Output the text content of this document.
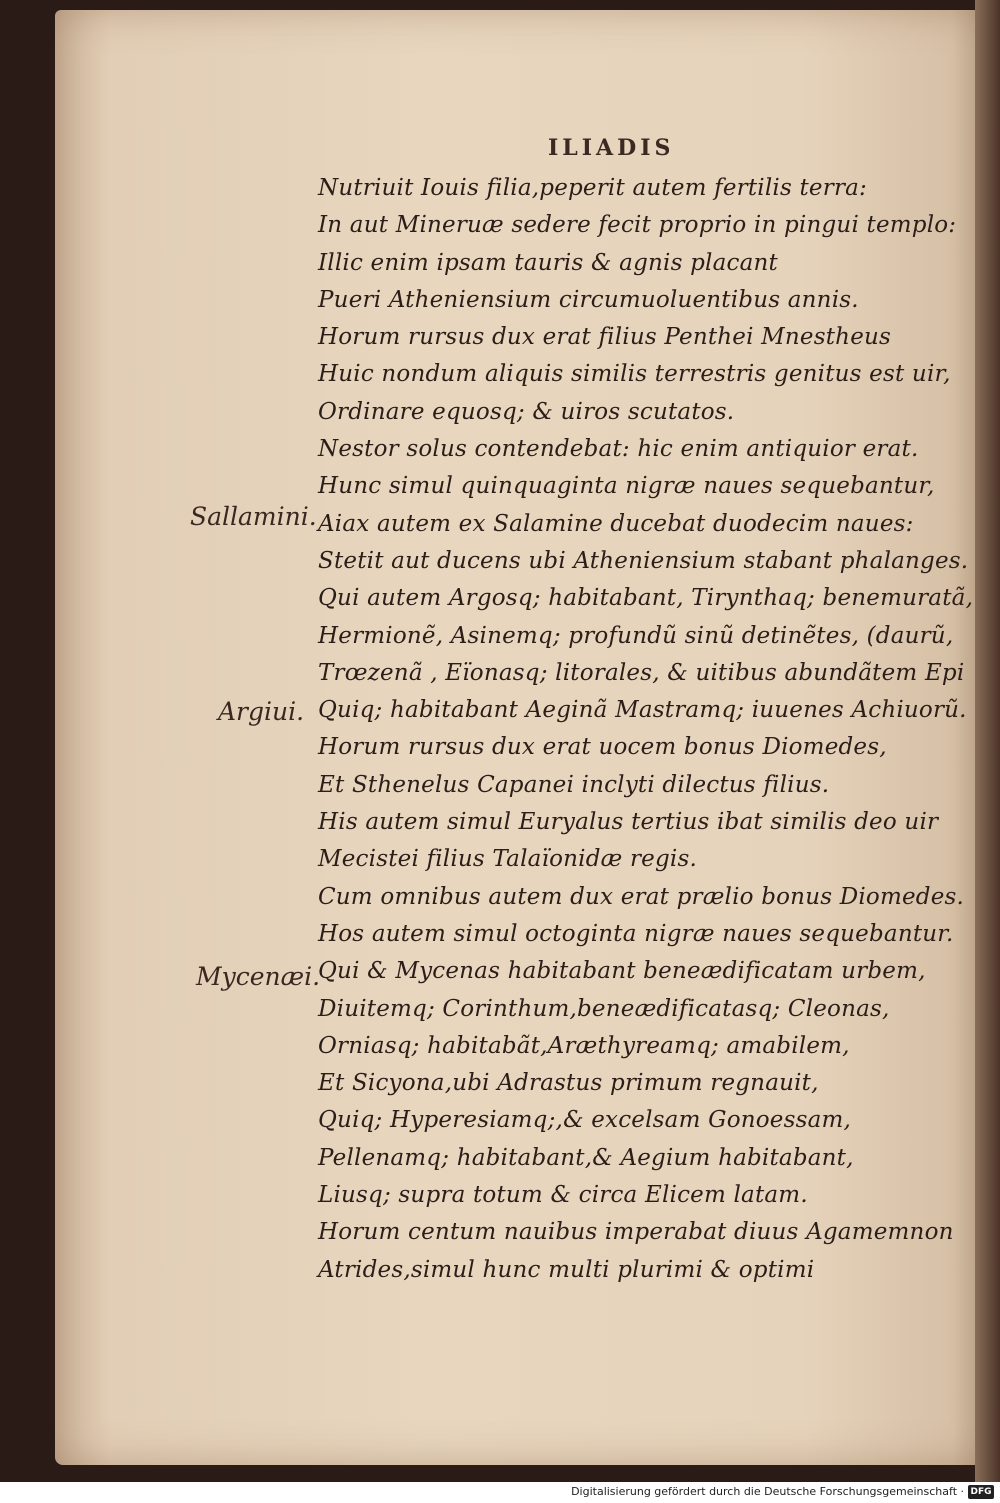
ILIADIS
Nutriuit Iouis filia,peperit autem fertilis terra:
In aut Mineruæ sedere fecit proprio in pingui templo:
Illic enim ipsam tauris & agnis placant
Pueri Atheniensium circumuoluentibus annis.
Horum rursus dux erat filius Penthei Mnestheus
Huic nondum aliquis similis terrestris genitus est uir,
Ordinare equosq; & uiros scutatos.
Nestor solus contendebat: hic enim antiquior erat.
Hunc simul quinquaginta nigræ naues sequebantur,
Aiax autem ex Salamine ducebat duodecim naues:
Stetit aut ducens ubi Atheniensium stabant phalanges.
Qui autem Argosq; habitabant, Tirynthaq; benemuratã,
Hermionẽ, Asinemq; profundũ sinũ detinẽtes, (daurũ,
Trœzenã , Eïonasq; litorales, & uitibus abundãtem Epi
Quiq; habitabant Aeginã Mastramq; iuuenes Achiuorũ.
Horum rursus dux erat uocem bonus Diomedes,
Et Sthenelus Capanei inclyti dilectus filius.
His autem simul Euryalus tertius ibat similis deo uir
Mecistei filius Talaïonidæ regis.
Cum omnibus autem dux erat prælio bonus Diomedes.
Hos autem simul octoginta nigræ naues sequebantur.
Qui & Mycenas habitabant beneædificatam urbem,
Diuitemq; Corinthum,beneædificatasq; Cleonas,
Orniasq; habitabãt,Aræthyreamq; amabilem,
Et Sicyona,ubi Adrastus primum regnauit,
Quiq; Hyperesiamq;,& excelsam Gonoessam,
Pellenamq; habitabant,& Aegium habitabant,
Liusq; supra totum & circa Elicem latam.
Horum centum nauibus imperabat diuus Agamemnon
Atrides,simul hunc multi plurimi & optimi
Sallamini.
Argiui.
Mycenæi.
Digitalisierung gefördert durch die Deutsche Forschungsgemeinschaft · DFG
